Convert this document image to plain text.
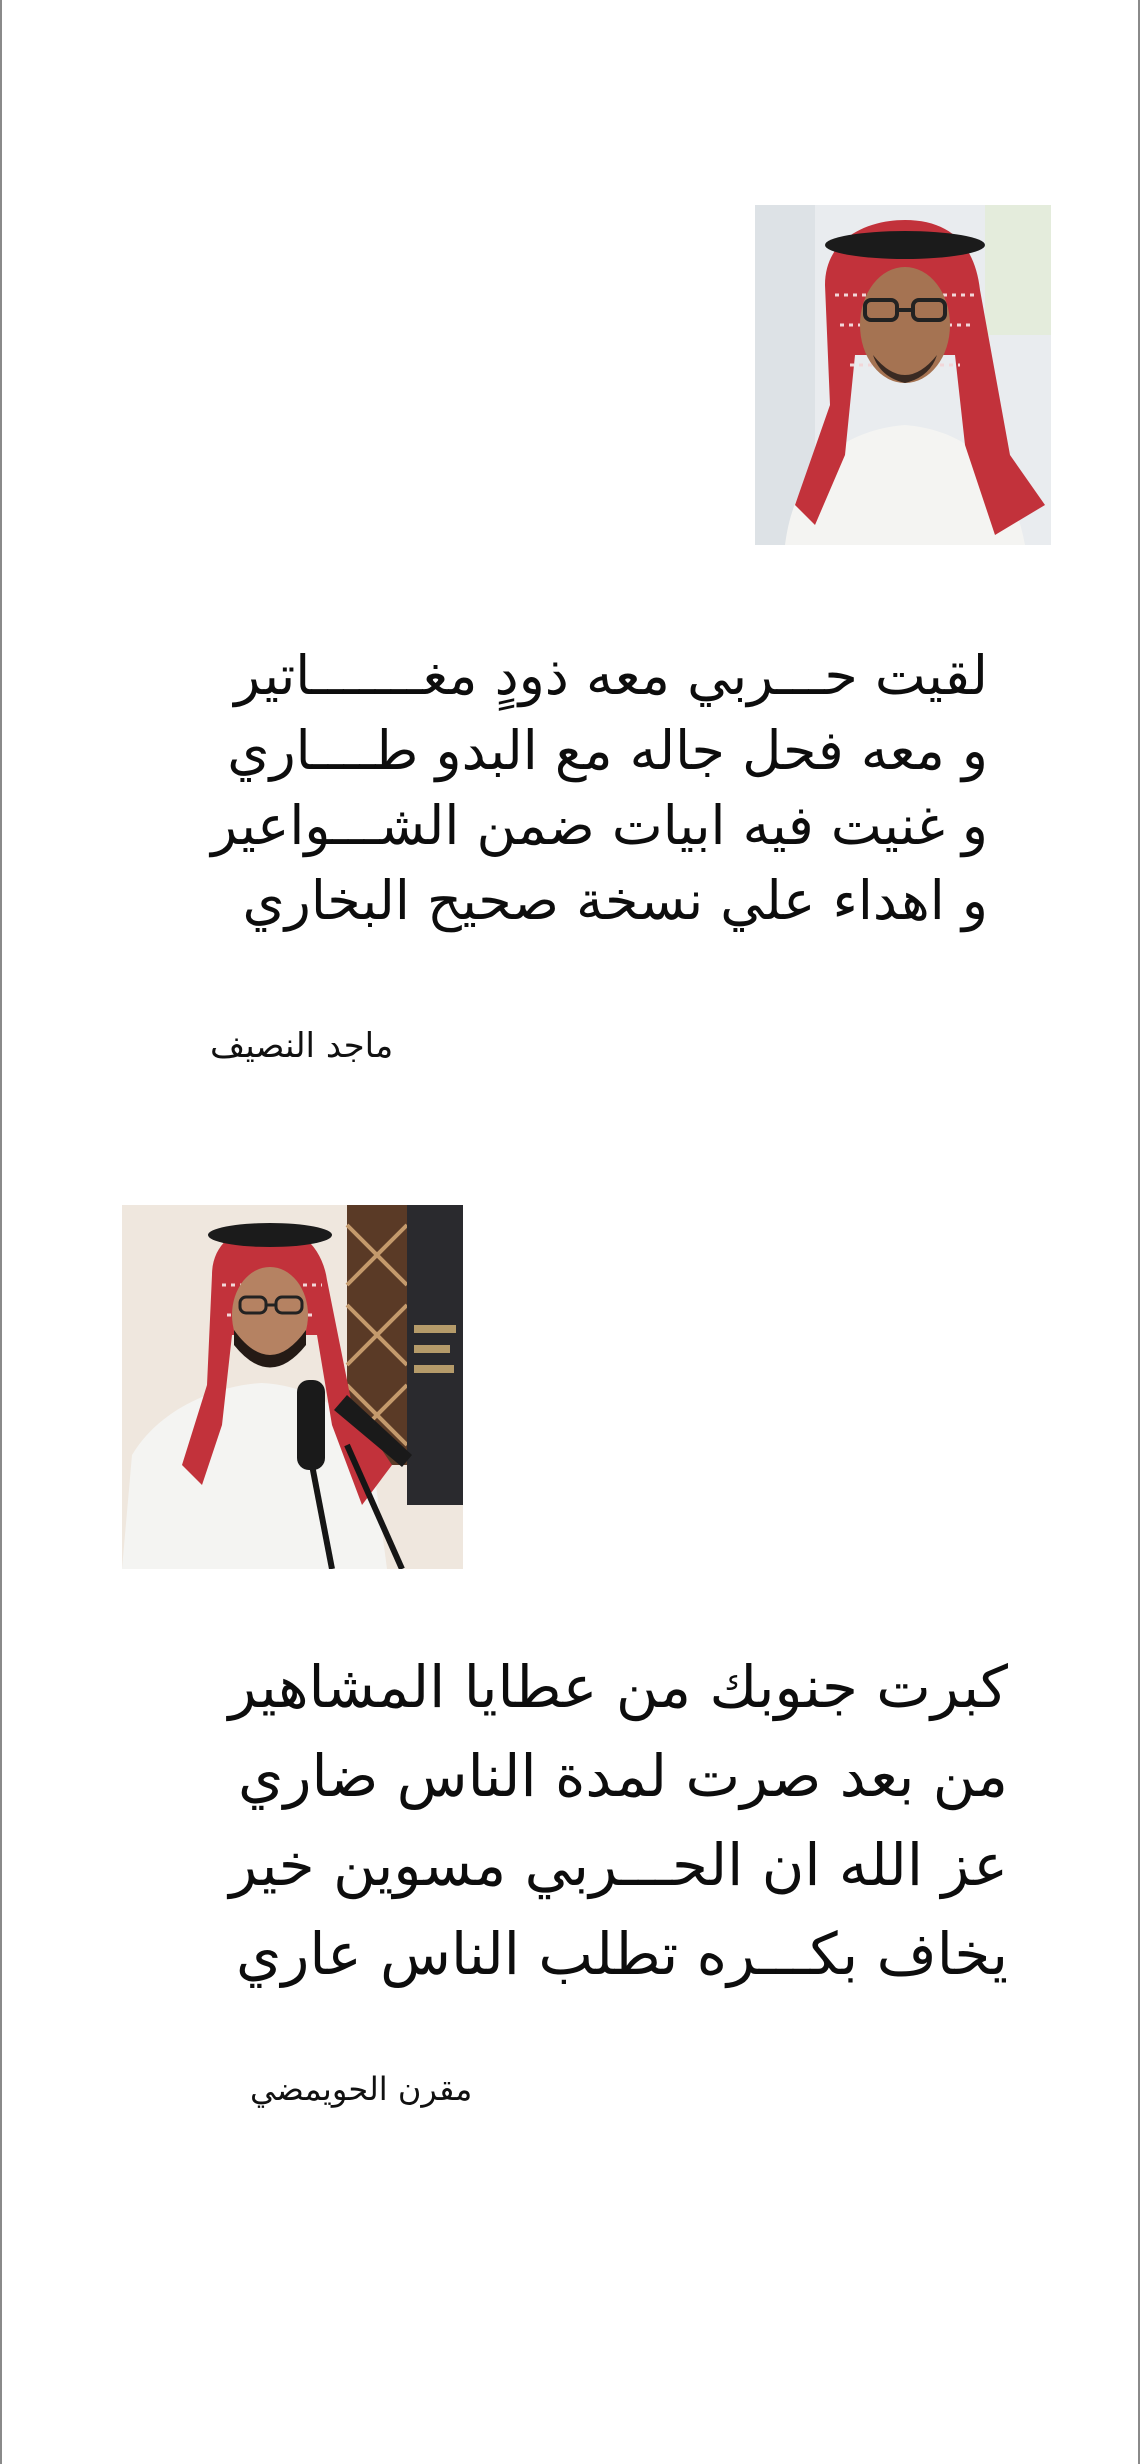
لقيت حـــربي معه ذودٍ مغـــــــاتير
و معه فحل جاله مع البدو طــــاري
و غنيت فيه ابيات ضمن الشـــواعير
و اهداء علي نسخة صحيح البخاري

ماجد النصيف

كبرت جنوبك من عطايا المشاهير
من بعد صرت لمدة الناس ضاري
عز الله ان الحـــربي مسوين خير
يخاف بكـــره تطلب الناس عاري

مقرن الحويمضي
